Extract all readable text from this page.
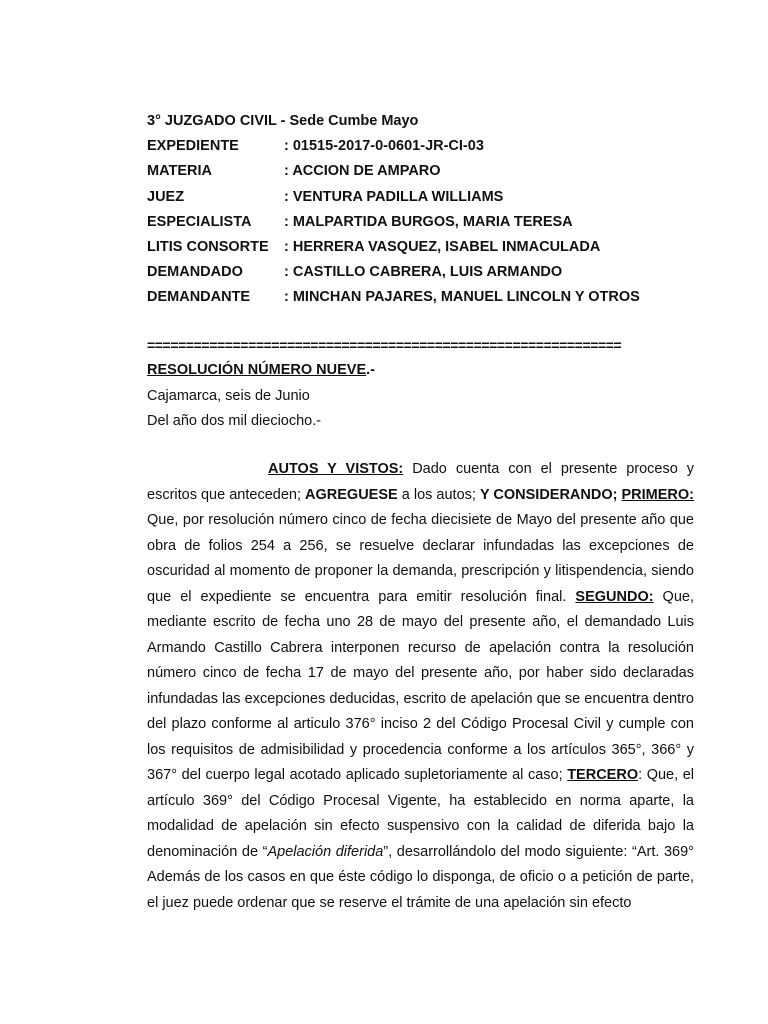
3° JUZGADO CIVIL - Sede Cumbe Mayo
EXPEDIENTE	: 01515-2017-0-0601-JR-CI-03
MATERIA	: ACCION DE AMPARO
JUEZ	: VENTURA PADILLA WILLIAMS
ESPECIALISTA : MALPARTIDA BURGOS, MARIA TERESA
LITIS CONSORTE : HERRERA VASQUEZ, ISABEL INMACULADA
DEMANDADO	: CASTILLO CABRERA, LUIS ARMANDO
DEMANDANTE : MINCHAN PAJARES, MANUEL LINCOLN Y OTROS
=============================================================
RESOLUCIÓN NÚMERO NUEVE.-
Cajamarca, seis de Junio
Del año dos mil dieciocho.-

AUTOS Y VISTOS: Dado cuenta con el presente proceso y escritos que anteceden; AGREGUESE a los autos; Y CONSIDERANDO; PRIMERO: Que, por resolución número cinco de fecha diecisiete de Mayo del presente año que obra de folios 254 a 256, se resuelve declarar infundadas las excepciones de oscuridad al momento de proponer la demanda, prescripción y litispendencia, siendo que el expediente se encuentra para emitir resolución final. SEGUNDO: Que, mediante escrito de fecha uno 28 de mayo del presente año, el demandado Luis Armando Castillo Cabrera interponen recurso de apelación contra la resolución número cinco de fecha 17 de mayo del presente año, por haber sido declaradas infundadas las excepciones deducidas, escrito de apelación que se encuentra dentro del plazo conforme al articulo 376° inciso 2 del Código Procesal Civil y cumple con los requisitos de admisibilidad y procedencia conforme a los artículos 365°, 366° y 367° del cuerpo legal acotado aplicado supletoriamente al caso; TERCERO: Que, el artículo 369° del Código Procesal Vigente, ha establecido en norma aparte, la modalidad de apelación sin efecto suspensivo con la calidad de diferida bajo la denominación de “Apelación diferida”, desarrollándolo del modo siguiente: “Art. 369° Además de los casos en que éste código lo disponga, de oficio o a petición de parte, el juez puede ordenar que se reserve el trámite de una apelación sin efecto
